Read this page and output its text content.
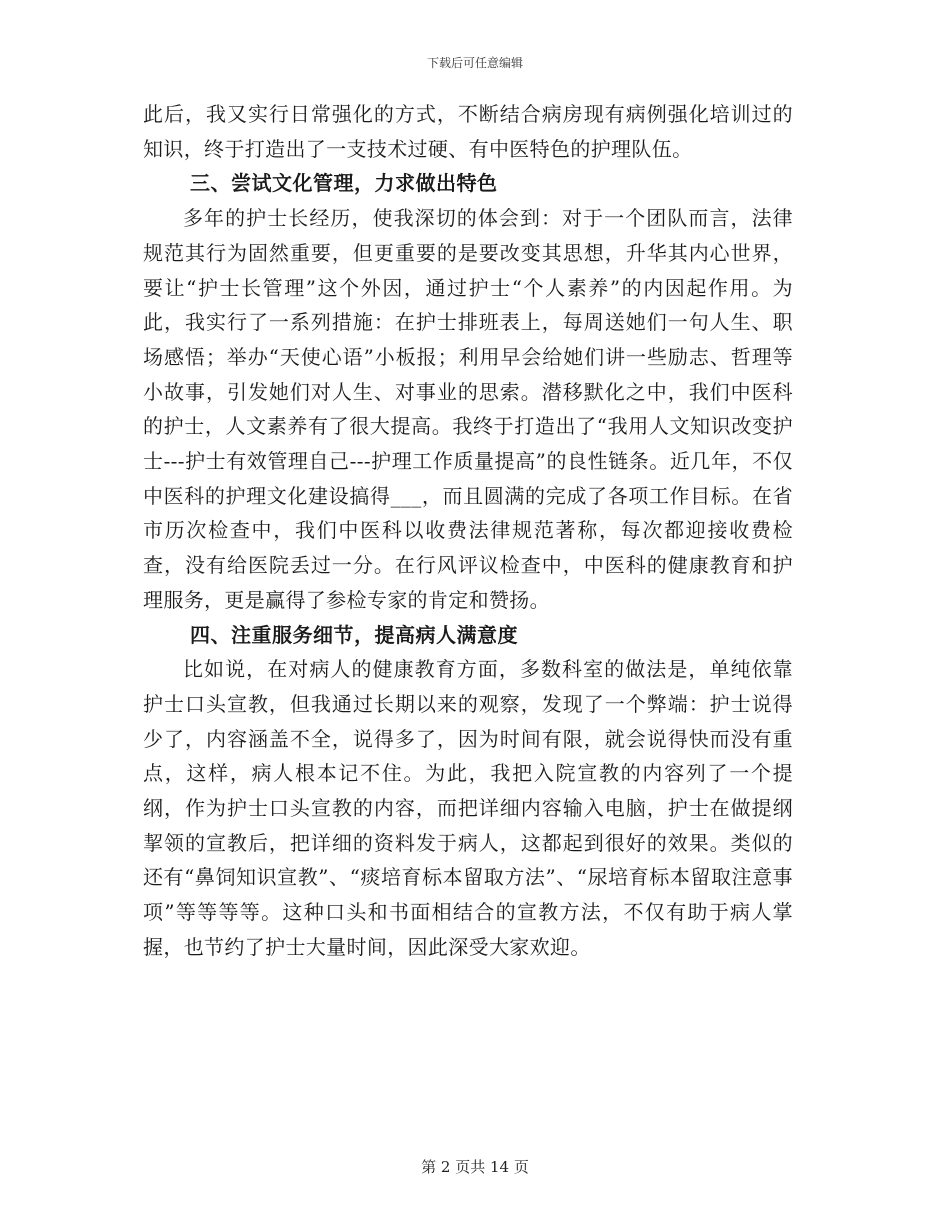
下载后可任意编辑

此后，我又实行日常强化的方式，不断结合病房现有病例强化培训过的知识，终于打造出了一支技术过硬、有中医特色的护理队伍。

三、尝试文化管理，力求做出特色

多年的护士长经历，使我深切的体会到：对于一个团队而言，法律规范其行为固然重要，但更重要的是要改变其思想，升华其内心世界，要让“护士长管理”这个外因，通过护士“个人素养”的内因起作用。为此，我实行了一系列措施：在护士排班表上，每周送她们一句人生、职场感悟；举办“天使心语”小板报；利用早会给她们讲一些励志、哲理等小故事，引发她们对人生、对事业的思索。潜移默化之中，我们中医科的护士，人文素养有了很大提高。我终于打造出了“我用人文知识改变护士---护士有效管理自己---护理工作质量提高”的良性链条。近几年，不仅中医科的护理文化建设搞得___，而且圆满的完成了各项工作目标。在省市历次检查中，我们中医科以收费法律规范著称，每次都迎接收费检查，没有给医院丢过一分。在行风评议检查中，中医科的健康教育和护理服务，更是赢得了参检专家的肯定和赞扬。

四、注重服务细节，提高病人满意度

比如说，在对病人的健康教育方面，多数科室的做法是，单纯依靠护士口头宣教，但我通过长期以来的观察，发现了一个弊端：护士说得少了，内容涵盖不全，说得多了，因为时间有限，就会说得快而没有重点，这样，病人根本记不住。为此，我把入院宣教的内容列了一个提纲，作为护士口头宣教的内容，而把详细内容输入电脑，护士在做提纲挈领的宣教后，把详细的资料发于病人，这都起到很好的效果。类似的还有“鼻饲知识宣教”、“痰培育标本留取方法”、“尿培育标本留取注意事项”等等等等。这种口头和书面相结合的宣教方法，不仅有助于病人掌握，也节约了护士大量时间，因此深受大家欢迎。

第 2 页共 14 页
